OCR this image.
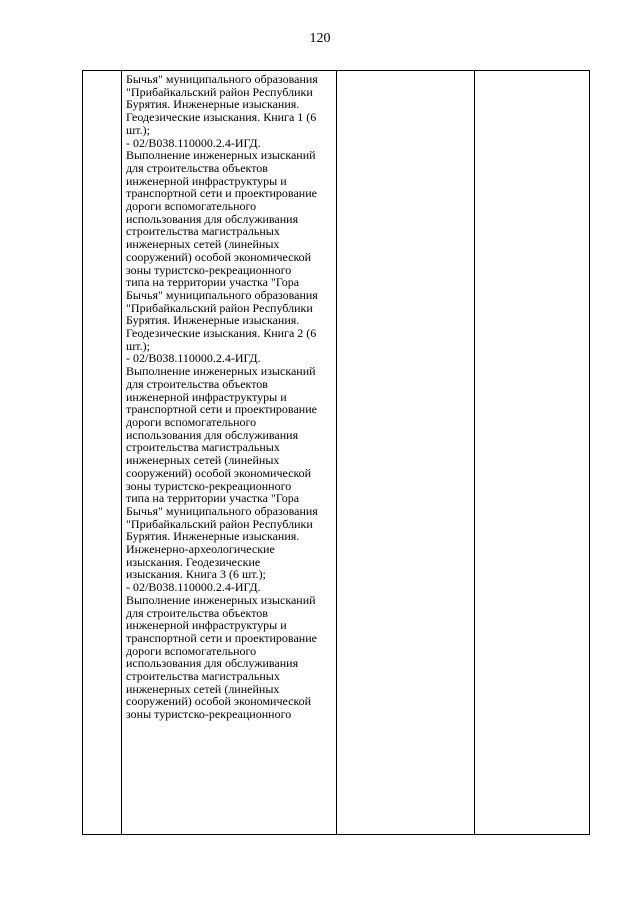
120

Бычья" муниципального образования
"Прибайкальский район Республики
Бурятия. Инженерные изыскания.
Геодезические изыскания. Книга 1 (6
шт.);
- 02/В038.110000.2.4-ИГД.
Выполнение инженерных изысканий
для строительства объектов
инженерной инфраструктуры и
транспортной сети и проектирование
дороги вспомогательного
использования для обслуживания
строительства магистральных
инженерных сетей (линейных
сооружений) особой экономической
зоны туристско-рекреационного
типа на территории участка "Гора
Бычья" муниципального образования
"Прибайкальский район Республики
Бурятия. Инженерные изыскания.
Геодезические изыскания. Книга 2 (6
шт.);
- 02/В038.110000.2.4-ИГД.
Выполнение инженерных изысканий
для строительства объектов
инженерной инфраструктуры и
транспортной сети и проектирование
дороги вспомогательного
использования для обслуживания
строительства магистральных
инженерных сетей (линейных
сооружений) особой экономической
зоны туристско-рекреационного
типа на территории участка "Гора
Бычья" муниципального образования
"Прибайкальский район Республики
Бурятия. Инженерные изыскания.
Инженерно-археологические
изыскания. Геодезические
изыскания. Книга 3 (6 шт.);
- 02/В038.110000.2.4-ИГД.
Выполнение инженерных изысканий
для строительства объектов
инженерной инфраструктуры и
транспортной сети и проектирование
дороги вспомогательного
использования для обслуживания
строительства магистральных
инженерных сетей (линейных
сооружений) особой экономической
зоны туристско-рекреационного
